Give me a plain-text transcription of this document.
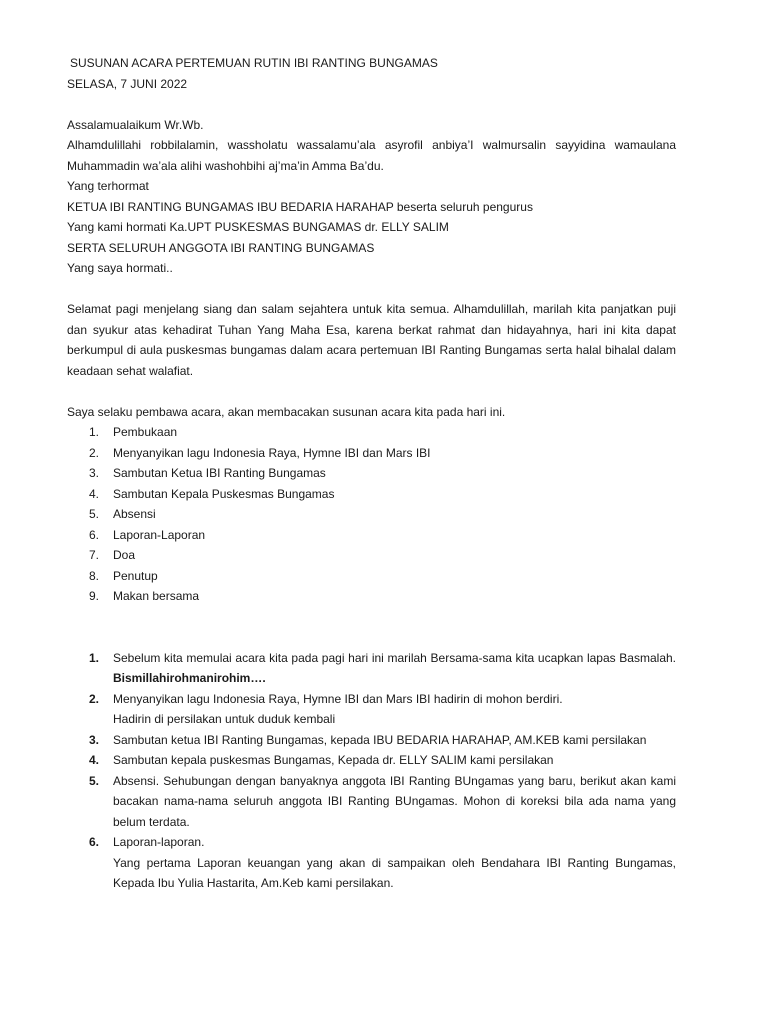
SUSUNAN ACARA PERTEMUAN RUTIN IBI RANTING BUNGAMAS
SELASA, 7 JUNI 2022
Assalamualaikum Wr.Wb.
Alhamdulillahi robbilalamin, wassholatu wassalamu’ala asyrofil anbiya’I walmursalin sayyidina wamaulana Muhammadin wa’ala alihi washohbihi aj’ma’in Amma Ba’du.
Yang terhormat
KETUA IBI RANTING BUNGAMAS IBU BEDARIA HARAHAP beserta seluruh pengurus
Yang kami hormati Ka.UPT PUSKESMAS BUNGAMAS dr. ELLY SALIM
SERTA SELURUH ANGGOTA IBI RANTING BUNGAMAS
Yang saya hormati..
Selamat pagi menjelang siang dan salam sejahtera untuk kita semua. Alhamdulillah, marilah kita panjatkan puji dan syukur atas kehadirat Tuhan Yang Maha Esa, karena berkat rahmat dan hidayahnya, hari ini kita dapat berkumpul di aula puskesmas bungamas dalam acara pertemuan IBI Ranting Bungamas serta halal bihalal dalam keadaan sehat walafiat.
Saya selaku pembawa acara, akan membacakan susunan acara kita pada hari ini.
1. Pembukaan
2. Menyanyikan lagu Indonesia Raya, Hymne IBI dan Mars IBI
3. Sambutan Ketua IBI Ranting Bungamas
4. Sambutan Kepala Puskesmas Bungamas
5. Absensi
6. Laporan-Laporan
7. Doa
8. Penutup
9. Makan bersama
1. Sebelum kita memulai acara kita pada pagi hari ini marilah Bersama-sama kita ucapkan lapas Basmalah. Bismillahirohmanirohim….
2. Menyanyikan lagu Indonesia Raya, Hymne IBI dan Mars IBI hadirin di mohon berdiri.
Hadirin di persilakan untuk duduk kembali
3. Sambutan ketua IBI Ranting Bungamas, kepada IBU BEDARIA HARAHAP, AM.KEB kami persilakan
4. Sambutan kepala puskesmas Bungamas, Kepada dr. ELLY SALIM kami persilakan
5. Absensi. Sehubungan dengan banyaknya anggota IBI Ranting BUngamas yang baru, berikut akan kami bacakan nama-nama seluruh anggota IBI Ranting BUngamas. Mohon di koreksi bila ada nama yang belum terdata.
6. Laporan-laporan.
Yang pertama Laporan keuangan yang akan di sampaikan oleh Bendahara IBI Ranting Bungamas, Kepada Ibu Yulia Hastarita, Am.Keb kami persilakan.
